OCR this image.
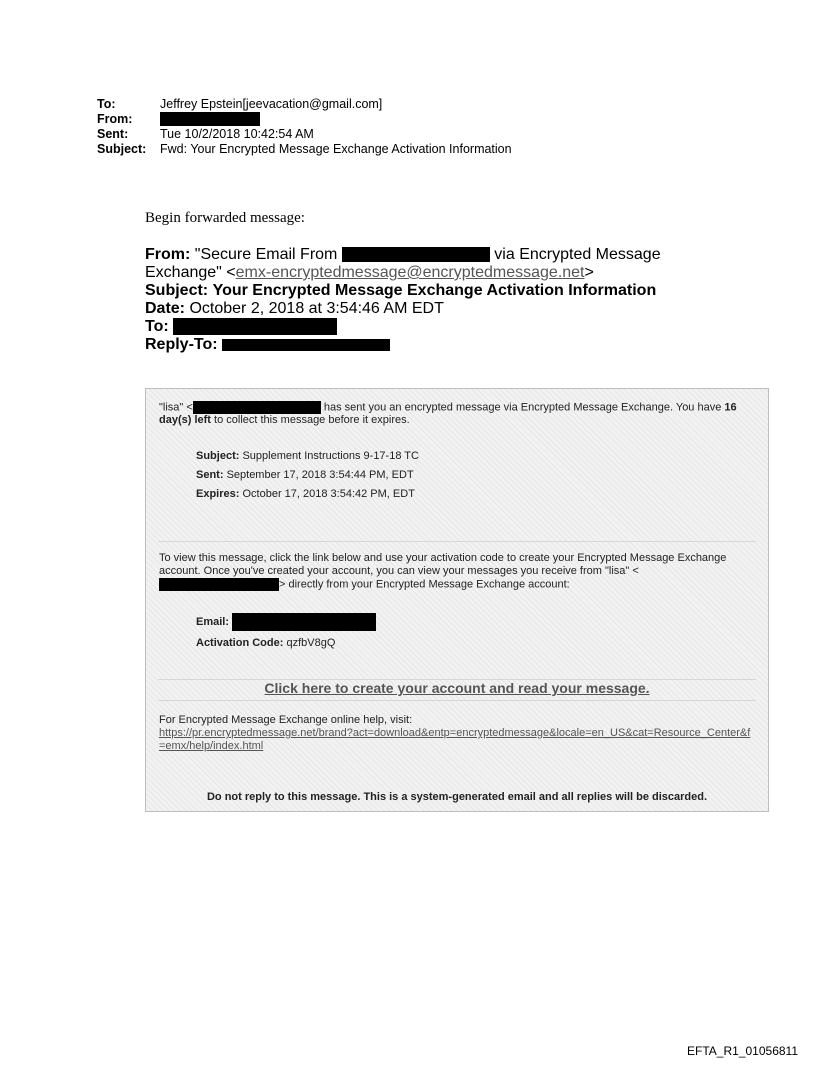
To:	Jeffrey Epstein[jeevacation@gmail.com]
From:
Sent:	Tue 10/2/2018 10:42:54 AM
Subject:	Fwd: Your Encrypted Message Exchange Activation Information
Begin forwarded message:
From: "Secure Email From	via Encrypted Message Exchange" <emx-encryptedmessage@encryptedmessage.net>
Subject: Your Encrypted Message Exchange Activation Information
Date: October 2, 2018 at 3:54:46 AM EDT
To:
Reply-To:
"lisa" <	has sent you an encrypted message via Encrypted Message Exchange. You have 16 day(s) left to collect this message before it expires.
Subject: Supplement Instructions 9-17-18 TC
Sent: September 17, 2018 3:54:44 PM, EDT
Expires: October 17, 2018 3:54:42 PM, EDT
To view this message, click the link below and use your activation code to create your Encrypted Message Exchange account. Once you've created your account, you can view your messages you receive from "lisa" <> directly from your Encrypted Message Exchange account:
Email:
Activation Code: qzfbV8gQ
Click here to create your account and read your message.
For Encrypted Message Exchange online help, visit:
https://pr.encryptedmessage.net/brand?act=download&entp=encryptedmessage&locale=en_US&cat=Resource_Center&f=emx/help/index.html
Do not reply to this message. This is a system-generated email and all replies will be discarded.
EFTA_R1_01056811
